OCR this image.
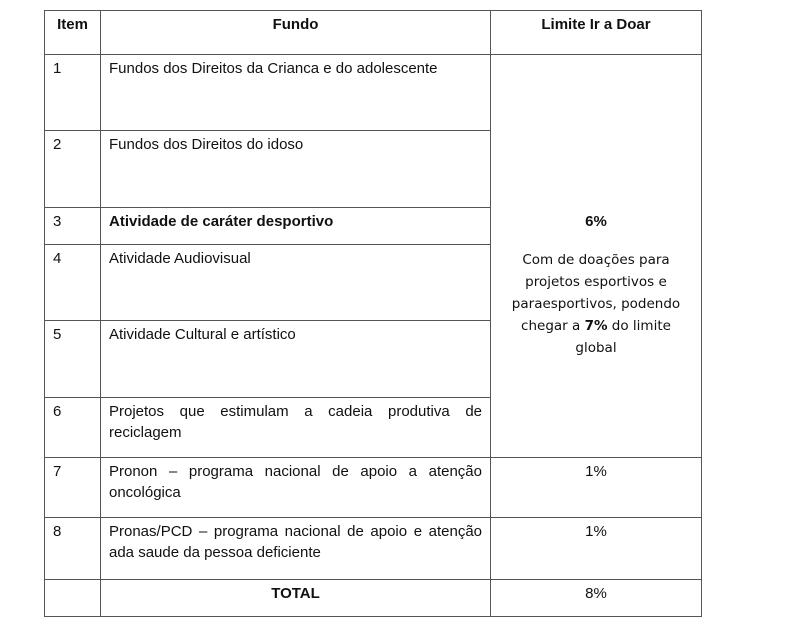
Item	Fundo	Limite Ir a Doar
1	Fundos dos Direitos da Crianca e do adolescente	6%
Com de doações para projetos esportivos e paraesportivos, podendo chegar a 7% do limite global

2	Fundos dos Direitos do idoso	
3	Atividade de caráter desportivo	
4	Atividade Audiovisual	
5	Atividade Cultural e artístico	
6	Projetos que estimulam a cadeia produtiva de reciclagem	
7	Pronon – programa nacional de apoio a atenção oncológica	1%
8	Pronas/PCD – programa nacional de apoio e atenção ada saude da pessoa deficiente	1%
	TOTAL	8%
